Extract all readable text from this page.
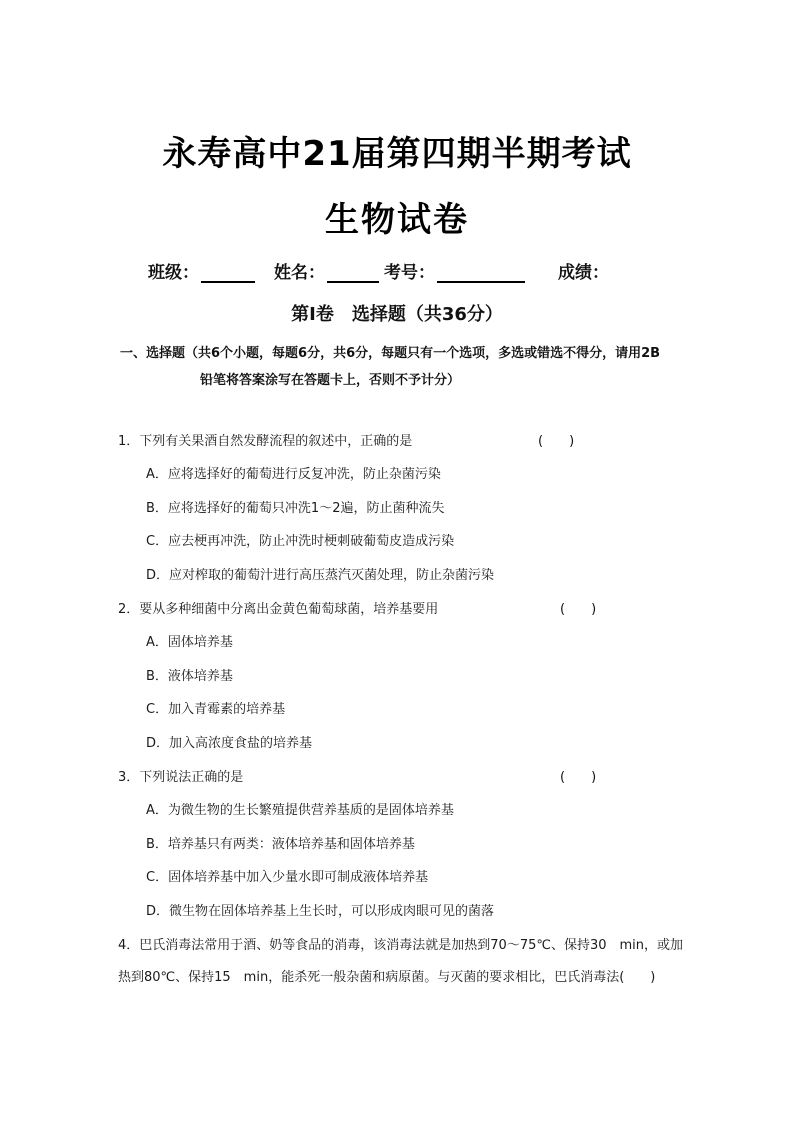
永寿高中21届第四期半期考试
生物试卷
班级：	姓名：	考号：	成绩：
第Ⅰ卷　选择题（共36分）
一、选择题（共6个小题，每题6分，共6分，每题只有一个选项，多选或错选不得分，请用2B
铅笔将答案涂写在答题卡上，否则不予计分）
1．下列有关果酒自然发酵流程的叙述中，正确的是	(　　)
A．应将选择好的葡萄进行反复冲洗，防止杂菌污染
B．应将选择好的葡萄只冲洗1～2遍，防止菌种流失
C．应去梗再冲洗，防止冲洗时梗刺破葡萄皮造成污染
D．应对榨取的葡萄汁进行高压蒸汽灭菌处理，防止杂菌污染
2．要从多种细菌中分离出金黄色葡萄球菌，培养基要用	(　　)
A．固体培养基
B．液体培养基
C．加入青霉素的培养基
D．加入高浓度食盐的培养基
3．下列说法正确的是	(　　)
A．为微生物的生长繁殖提供营养基质的是固体培养基
B．培养基只有两类：液体培养基和固体培养基
C．固体培养基中加入少量水即可制成液体培养基
D．微生物在固体培养基上生长时，可以形成肉眼可见的菌落
4．巴氏消毒法常用于酒、奶等食品的消毒，该消毒法就是加热到70～75℃、保持30　min，或加
热到80℃、保持15　min，能杀死一般杂菌和病原菌。与灭菌的要求相比，巴氏消毒法(　　)
